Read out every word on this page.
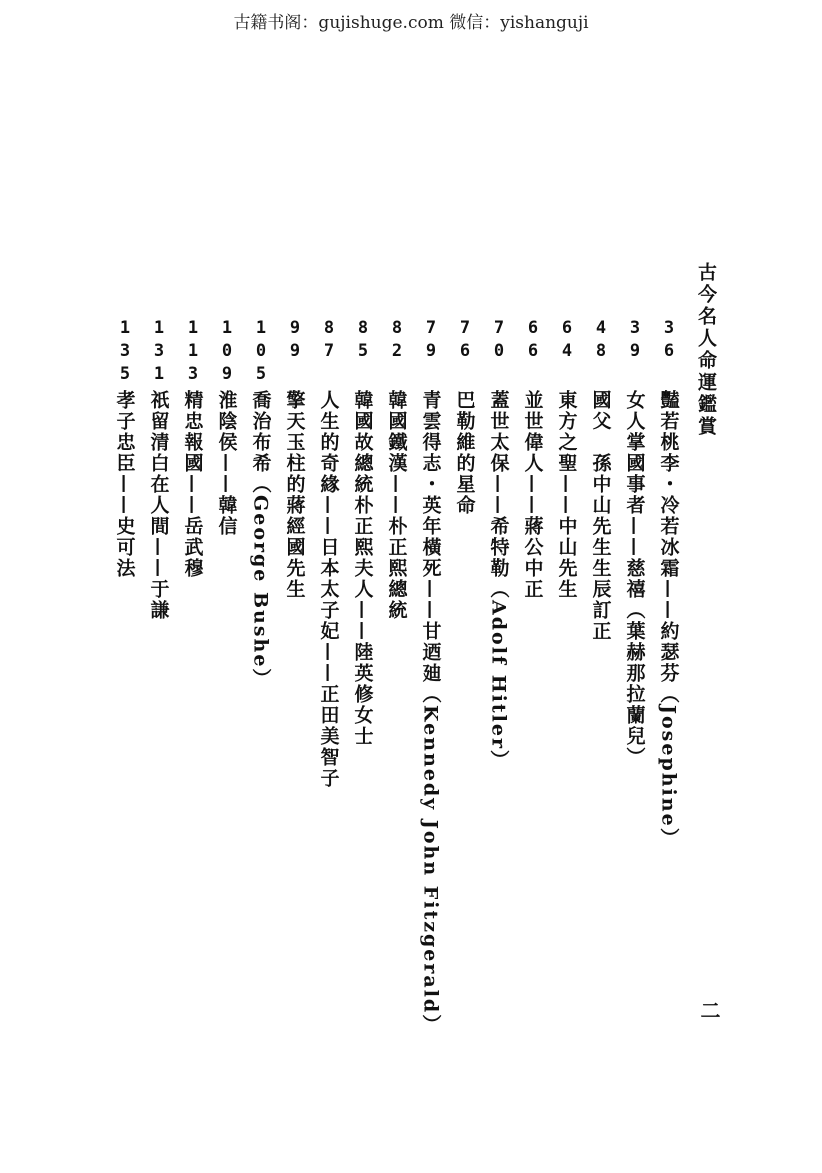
古籍书阁：gujishuge.com 微信：yishanguji
古今名人命運鑑賞
二
36
豔若桃李・冷若冰霜——約瑟芬（Josephine）
39
女人掌國事者——慈禧（葉赫那拉蘭兒）
48
國父　孫中山先生生辰訂正
64
東方之聖——中山先生
66
並世偉人——蔣公中正
70
蓋世太保——希特勒（Adolf Hitler）
76
巴勒維的星命
79
青雲得志・英年橫死——甘迺廸（Kennedy John Fitzgerald）
82
韓國鐵漢——朴正熙總統
85
韓國故總統朴正熙夫人——陸英修女士
87
人生的奇緣——日本太子妃——正田美智子
99
擎天玉柱的蔣經國先生
105
喬治布希（George Bushe）
109
淮陰侯——韓信
113
精忠報國——岳武穆
131
祇留清白在人間——于謙
135
孝子忠臣——史可法
